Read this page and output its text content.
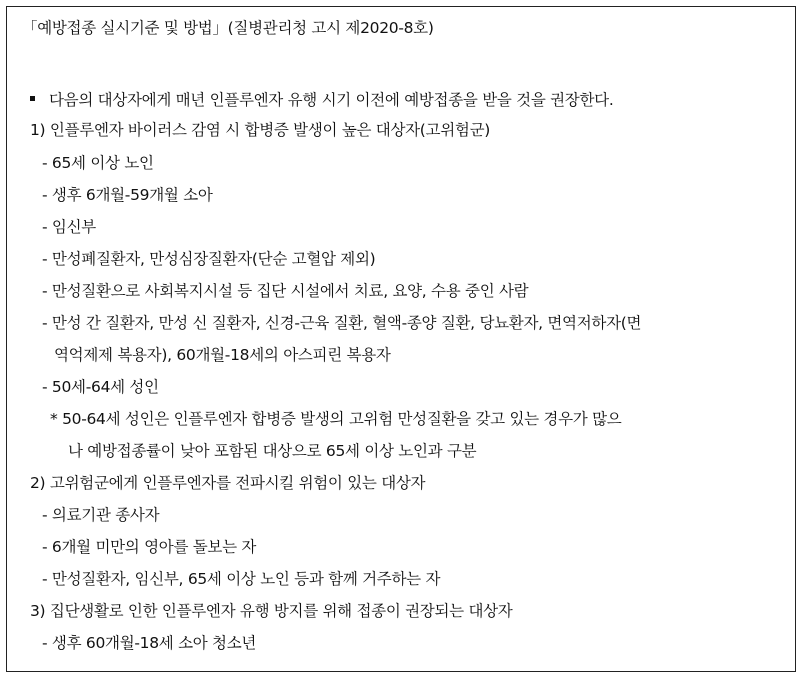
「예방접종 실시기준 및 방법」(질병관리청 고시 제2020-8호)
다음의 대상자에게 매년 인플루엔자 유행 시기 이전에 예방접종을 받을 것을 권장한다.
1) 인플루엔자 바이러스 감염 시 합병증 발생이 높은 대상자(고위험군)
- 65세 이상 노인
- 생후 6개월-59개월 소아
- 임신부
- 만성폐질환자, 만성심장질환자(단순 고혈압 제외)
- 만성질환으로 사회복지시설 등 집단 시설에서 치료, 요양, 수용 중인 사람
- 만성 간 질환자, 만성 신 질환자, 신경-근육 질환, 혈액-종양 질환, 당뇨환자, 면역저하자(면
역억제제 복용자), 60개월-18세의 아스피린 복용자
- 50세-64세 성인
* 50-64세 성인은 인플루엔자 합병증 발생의 고위험 만성질환을 갖고 있는 경우가 많으
나 예방접종률이 낮아 포함된 대상으로 65세 이상 노인과 구분
2) 고위험군에게 인플루엔자를 전파시킬 위험이 있는 대상자
- 의료기관 종사자
- 6개월 미만의 영아를 돌보는 자
- 만성질환자, 임신부, 65세 이상 노인 등과 함께 거주하는 자
3) 집단생활로 인한 인플루엔자 유행 방지를 위해 접종이 권장되는 대상자
- 생후 60개월-18세 소아 청소년
